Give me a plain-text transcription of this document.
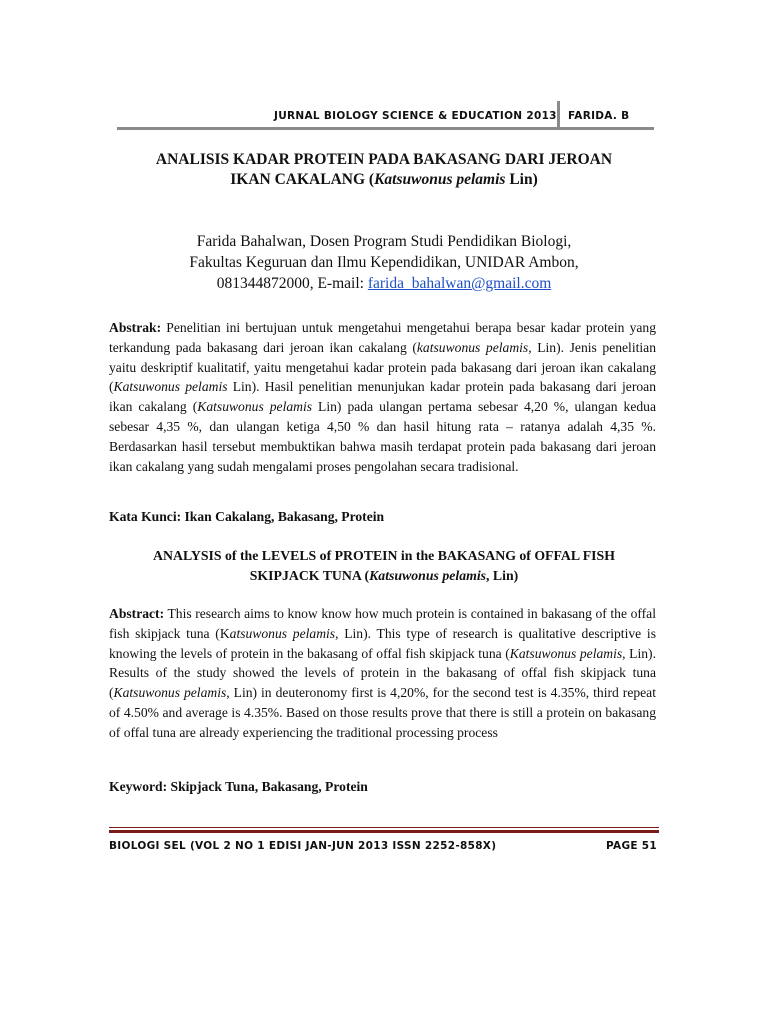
JURNAL BIOLOGY SCIENCE & EDUCATION 2013 FARIDA. B
ANALISIS KADAR PROTEIN PADA BAKASANG DARI JEROAN
IKAN CAKALANG (Katsuwonus pelamis Lin)
Farida Bahalwan, Dosen Program Studi Pendidikan Biologi,
Fakultas Keguruan dan Ilmu Kependidikan, UNIDAR Ambon,
081344872000, E-mail: farida_bahalwan@gmail.com
Abstrak: Penelitian ini bertujuan untuk mengetahui mengetahui berapa besar kadar protein yang terkandung pada bakasang dari jeroan ikan cakalang (katsuwonus pelamis, Lin). Jenis penelitian yaitu deskriptif kualitatif, yaitu mengetahui kadar protein pada bakasang dari jeroan ikan cakalang (Katsuwonus pelamis Lin). Hasil penelitian menunjukan kadar protein pada bakasang dari jeroan ikan cakalang (Katsuwonus pelamis Lin) pada ulangan pertama sebesar 4,20 %, ulangan kedua sebesar 4,35 %, dan ulangan ketiga 4,50 % dan hasil hitung rata – ratanya adalah 4,35 %. Berdasarkan hasil tersebut membuktikan bahwa masih terdapat protein pada bakasang dari jeroan ikan cakalang yang sudah mengalami proses pengolahan secara tradisional.
Kata Kunci: Ikan Cakalang, Bakasang, Protein
ANALYSIS of the LEVELS of PROTEIN in the BAKASANG of OFFAL FISH
SKIPJACK TUNA (Katsuwonus pelamis, Lin)
Abstract: This research aims to know know how much protein is contained in bakasang of the offal fish skipjack tuna (Katsuwonus pelamis, Lin). This type of research is qualitative descriptive is knowing the levels of protein in the bakasang of offal fish skipjack tuna (Katsuwonus pelamis, Lin). Results of the study showed the levels of protein in the bakasang of offal fish skipjack tuna (Katsuwonus pelamis, Lin) in deuteronomy first is 4,20%, for the second test is 4.35%, third repeat of 4.50% and average is 4.35%. Based on those results prove that there is still a protein on bakasang of offal tuna are already experiencing the traditional processing process
Keyword: Skipjack Tuna, Bakasang, Protein
BIOLOGI SEL (VOL 2 NO 1 EDISI JAN-JUN 2013 ISSN 2252-858X)	PAGE 51
